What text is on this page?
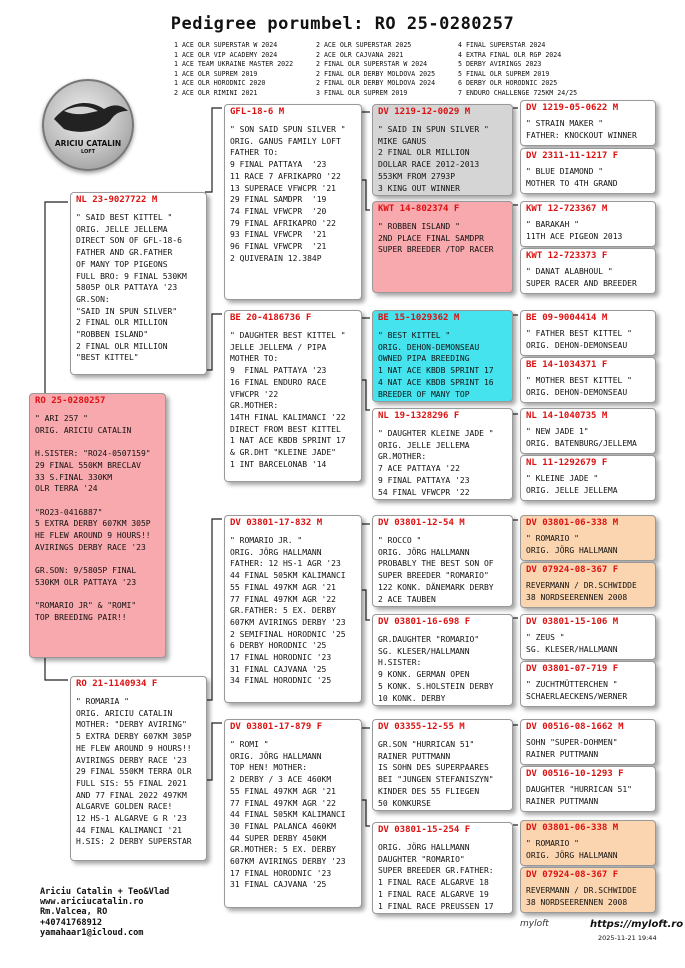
Pedigree porumbel: RO 25-0280257
1 ACE OLR SUPERSTAR W 2024
1 ACE OLR VIP ACADEMY 2024
1 ACE TEAM UKRAINE MASTER 2022
1 ACE OLR SUPREM 2019
1 ACE OLR HORODNIC 2020
2 ACE OLR RIMINI 2021
2 ACE OLR SUPERSTAR 2025
2 ACE OLR CAJVANA 2021
2 FINAL OLR SUPERSTAR W 2024
2 FINAL OLR DERBY MOLDOVA 2025
2 FINAL OLR DERBY MOLDOVA 2024
3 FINAL OLR SUPREM 2019
4 FINAL SUPERSTAR 2024
4 EXTRA FINAL OLR RGP 2024
5 DERBY AVIRINGS 2023
5 FINAL OLR SUPREM 2019
6 DERBY OLR HORODNIC 2025
7 ENDURO CHALLENGE 725KM 24/25
ARICIU CATALIN
LOFT
RO 25-0280257
" ARI 257 "
ORIG. ARICIU CATALIN

H.SISTER: "RO24-0507159"
29 FINAL 550KM BRECLAV
33 S.FINAL 330KM
OLR TERRA '24

"RO23-0416887"
5 EXTRA DERBY 607KM 305P
HE FLEW AROUND 9 HOURS!!
AVIRINGS DERBY RACE '23

GR.SON: 9/5805P FINAL
530KM OLR PATTAYA '23

"ROMARIO JR" & "ROMI"
TOP BREEDING PAIR!!
NL 23-9027722 M
" SAID BEST KITTEL "
ORIG. JELLE JELLEMA
DIRECT SON OF GFL-18-6
FATHER AND GR.FATHER
OF MANY TOP PIGEONS
FULL BRO: 9 FINAL 530KM
5805P OLR PATTAYA '23
GR.SON:
"SAID IN SPUN SILVER"
2 FINAL OLR MILLION
"ROBBEN ISLAND"
2 FINAL OLR MILLION
"BEST KITTEL"
RO 21-1140934 F
" ROMARIA "
ORIG. ARICIU CATALIN
MOTHER: "DERBY AVIRING"
5 EXTRA DERBY 607KM 305P
HE FLEW AROUND 9 HOURS!!
AVIRINGS DERBY RACE '23
29 FINAL 550KM TERRA OLR
FULL SIS: 55 FINAL 2021
AND 77 FINAL 2022 497KM
ALGARVE GOLDEN RACE!
12 HS-1 ALGARVE G R '23
44 FINAL KALIMANCI '21
H.SIS: 2 DERBY SUPERSTAR
GFL-18-6 M
" SON SAID SPUN SILVER "
ORIG. GANUS FAMILY LOFT
FATHER TO:
9 FINAL PATTAYA  '23
11 RACE 7 AFRIKAPRO '22
13 SUPERACE VFWCPR '21
29 FINAL SAMDPR  '19
74 FINAL VFWCPR  '20
79 FINAL AFRIKAPRO '22
93 FINAL VFWCPR  '21
96 FINAL VFWCPR  '21
2 QUIVERAIN 12.384P
BE 20-4186736 F
" DAUGHTER BEST KITTEL "
JELLE JELLEMA / PIPA
MOTHER TO:
9  FINAL PATTAYA '23
16 FINAL ENDURO RACE
VFWCPR '22
GR.MOTHER:
14TH FINAL KALIMANCI '22
DIRECT FROM BEST KITTEL
1 NAT ACE KBDB SPRINT 17
& GR.DHT "KLEINE JADE"
1 INT BARCELONAB '14
DV 03801-17-832 M
" ROMARIO JR. "
ORIG. JÖRG HALLMANN
FATHER: 12 HS-1 AGR '23
44 FINAL 505KM KALIMANCI
55 FINAL 497KM AGR '21
77 FINAL 497KM AGR '22
GR.FATHER: 5 EX. DERBY
607KM AVIRINGS DERBY '23
2 SEMIFINAL HORODNIC '25
6 DERBY HORODNIC '25
17 FINAL HORODNIC '23
31 FINAL CAJVANA '25
34 FINAL HORODNIC '25
DV 03801-17-879 F
" ROMI "
ORIG. JÖRG HALLMANN
TOP HEN! MOTHER:
2 DERBY / 3 ACE 460KM
55 FINAL 497KM AGR '21
77 FINAL 497KM AGR '22
44 FINAL 505KM KALIMANCI
30 FINAL PALANCA 460KM
44 SUPER DERBY 450KM
GR.MOTHER: 5 EX. DERBY
607KM AVIRINGS DERBY '23
17 FINAL HORODNIC '23
31 FINAL CAJVANA '25
DV 1219-12-0029 M
" SAID IN SPUN SILVER "
MIKE GANUS
2 FINAL OLR MILLION
DOLLAR RACE 2012-2013
553KM FROM 2793P
3 KING OUT WINNER
KWT 14-802374 F
" ROBBEN ISLAND "
2ND PLACE FINAL SAMDPR
SUPER BREEDER /TOP RACER
BE 15-1029362 M
" BEST KITTEL "
ORIG. DEHON-DEMONSEAU
OWNED PIPA BREEDING
1 NAT ACE KBDB SPRINT 17
4 NAT ACE KBDB SPRINT 16
BREEDER OF MANY TOP
NL 19-1328296 F
" DAUGHTER KLEINE JADE "
ORIG. JELLE JELLEMA
GR.MOTHER:
7 ACE PATTAYA '22
9 FINAL PATTAYA '23
54 FINAL VFWCPR '22
DV 03801-12-54 M
" ROCCO "
ORIG. JÖRG HALLMANN
PROBABLY THE BEST SON OF
SUPER BREEDER "ROMARIO"
122 KONK. DÄNEMARK DERBY
2 ACE TAUBEN
DV 03801-16-698 F
GR.DAUGHTER "ROMARIO"
SG. KLESER/HALLMANN
H.SISTER:
9 KONK. GERMAN OPEN
5 KONK. S.HOLSTEIN DERBY
10 KONK. DERBY
DV 03355-12-55 M
GR.SON "HURRICAN 51"
RAINER PUTTMANN
IS SOHN DES SUPERPAARES
BEI "JUNGEN STEFANISZYN"
KINDER DES 55 FLIEGEN
50 KONKURSE
DV 03801-15-254 F
ORIG. JÖRG HALLMANN
DAUGHTER "ROMARIO"
SUPER BREEDER GR.FATHER:
1 FINAL RACE ALGARVE 18
1 FINAL RACE ALGARVE 19
1 FINAL RACE PREUSSEN 17
DV 1219-05-0622 M
" STRAIN MAKER "
FATHER: KNOCKOUT WINNER
DV 2311-11-1217 F
" BLUE DIAMOND "
MOTHER TO 4TH GRAND
KWT 12-723367 M
" BARAKAH "
11TH ACE PIGEON 2013
KWT 12-723373 F
" DANAT ALABHOUL "
SUPER RACER AND BREEDER
BE 09-9004414 M
" FATHER BEST KITTEL "
ORIG. DEHON-DEMONSEAU
BE 14-1034371 F
" MOTHER BEST KITTEL "
ORIG. DEHON-DEMONSEAU
NL 14-1040735 M
" NEW JADE 1"
ORIG. BATENBURG/JELLEMA
NL 11-1292679 F
" KLEINE JADE "
ORIG. JELLE JELLEMA
DV 03801-06-338 M
" ROMARIO "
ORIG. JÖRG HALLMANN
DV 07924-08-367 F
REVERMANN / DR.SCHWIDDE
38 NORDSEERENNEN 2008
DV 03801-15-106 M
" ZEUS "
SG. KLESER/HALLMANN
DV 03801-07-719 F
" ZUCHTMÜTTERCHEN "
SCHAERLAECKENS/WERNER
DV 00516-08-1662 M
SOHN "SUPER-DOHMEN"
RAINER PUTTMANN
DV 00516-10-1293 F
DAUGHTER "HURRICAN 51"
RAINER PUTTMANN
DV 03801-06-338 M
" ROMARIO "
ORIG. JÖRG HALLMANN
DV 07924-08-367 F
REVERMANN / DR.SCHWIDDE
38 NORDSEERENNEN 2008
Ariciu Catalin + Teo&Vlad
www.ariciucatalin.ro
Rm.Valcea, RO
+40741768912
yamahaar1@icloud.com
myloft	https://myloft.ro
2025-11-21 19:44
